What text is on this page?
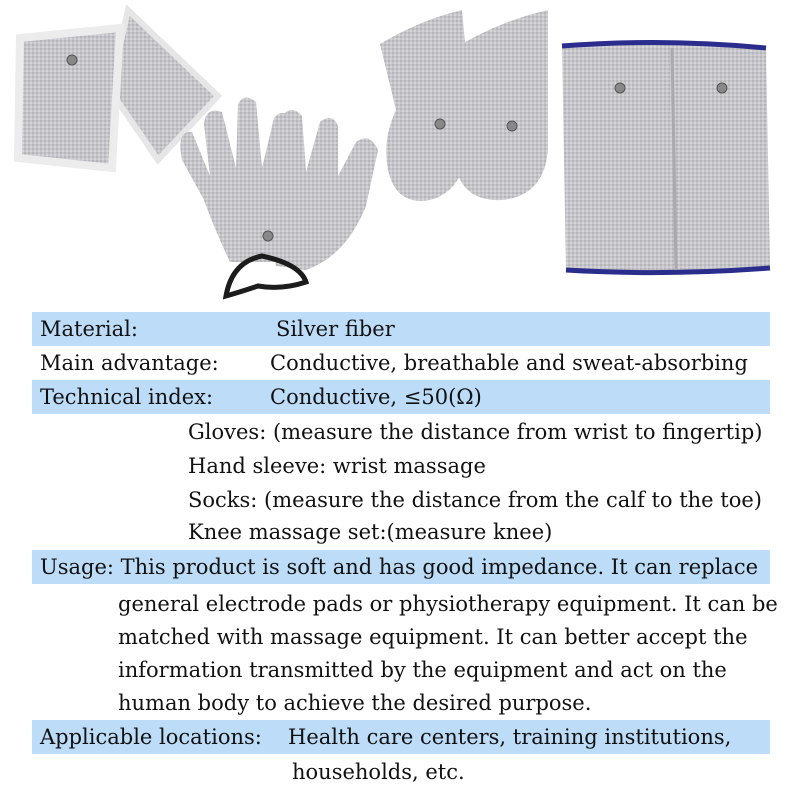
Material:	Silver fiber
Main advantage: Conductive, breathable and sweat-absorbing
Technical index:	Conductive, ≤50(Ω)
Gloves: (measure the distance from wrist to fingertip)
Hand sleeve: wrist massage
Socks: (measure the distance from the calf to the toe)
Knee massage set:(measure knee)
Usage: This product is soft and has good impedance. It can replace
general electrode pads or physiotherapy equipment. It can be
matched with massage equipment. It can better accept the
information transmitted by the equipment and act on the
human body to achieve the desired purpose.
Applicable locations: Health care centers, training institutions,
households, etc.
